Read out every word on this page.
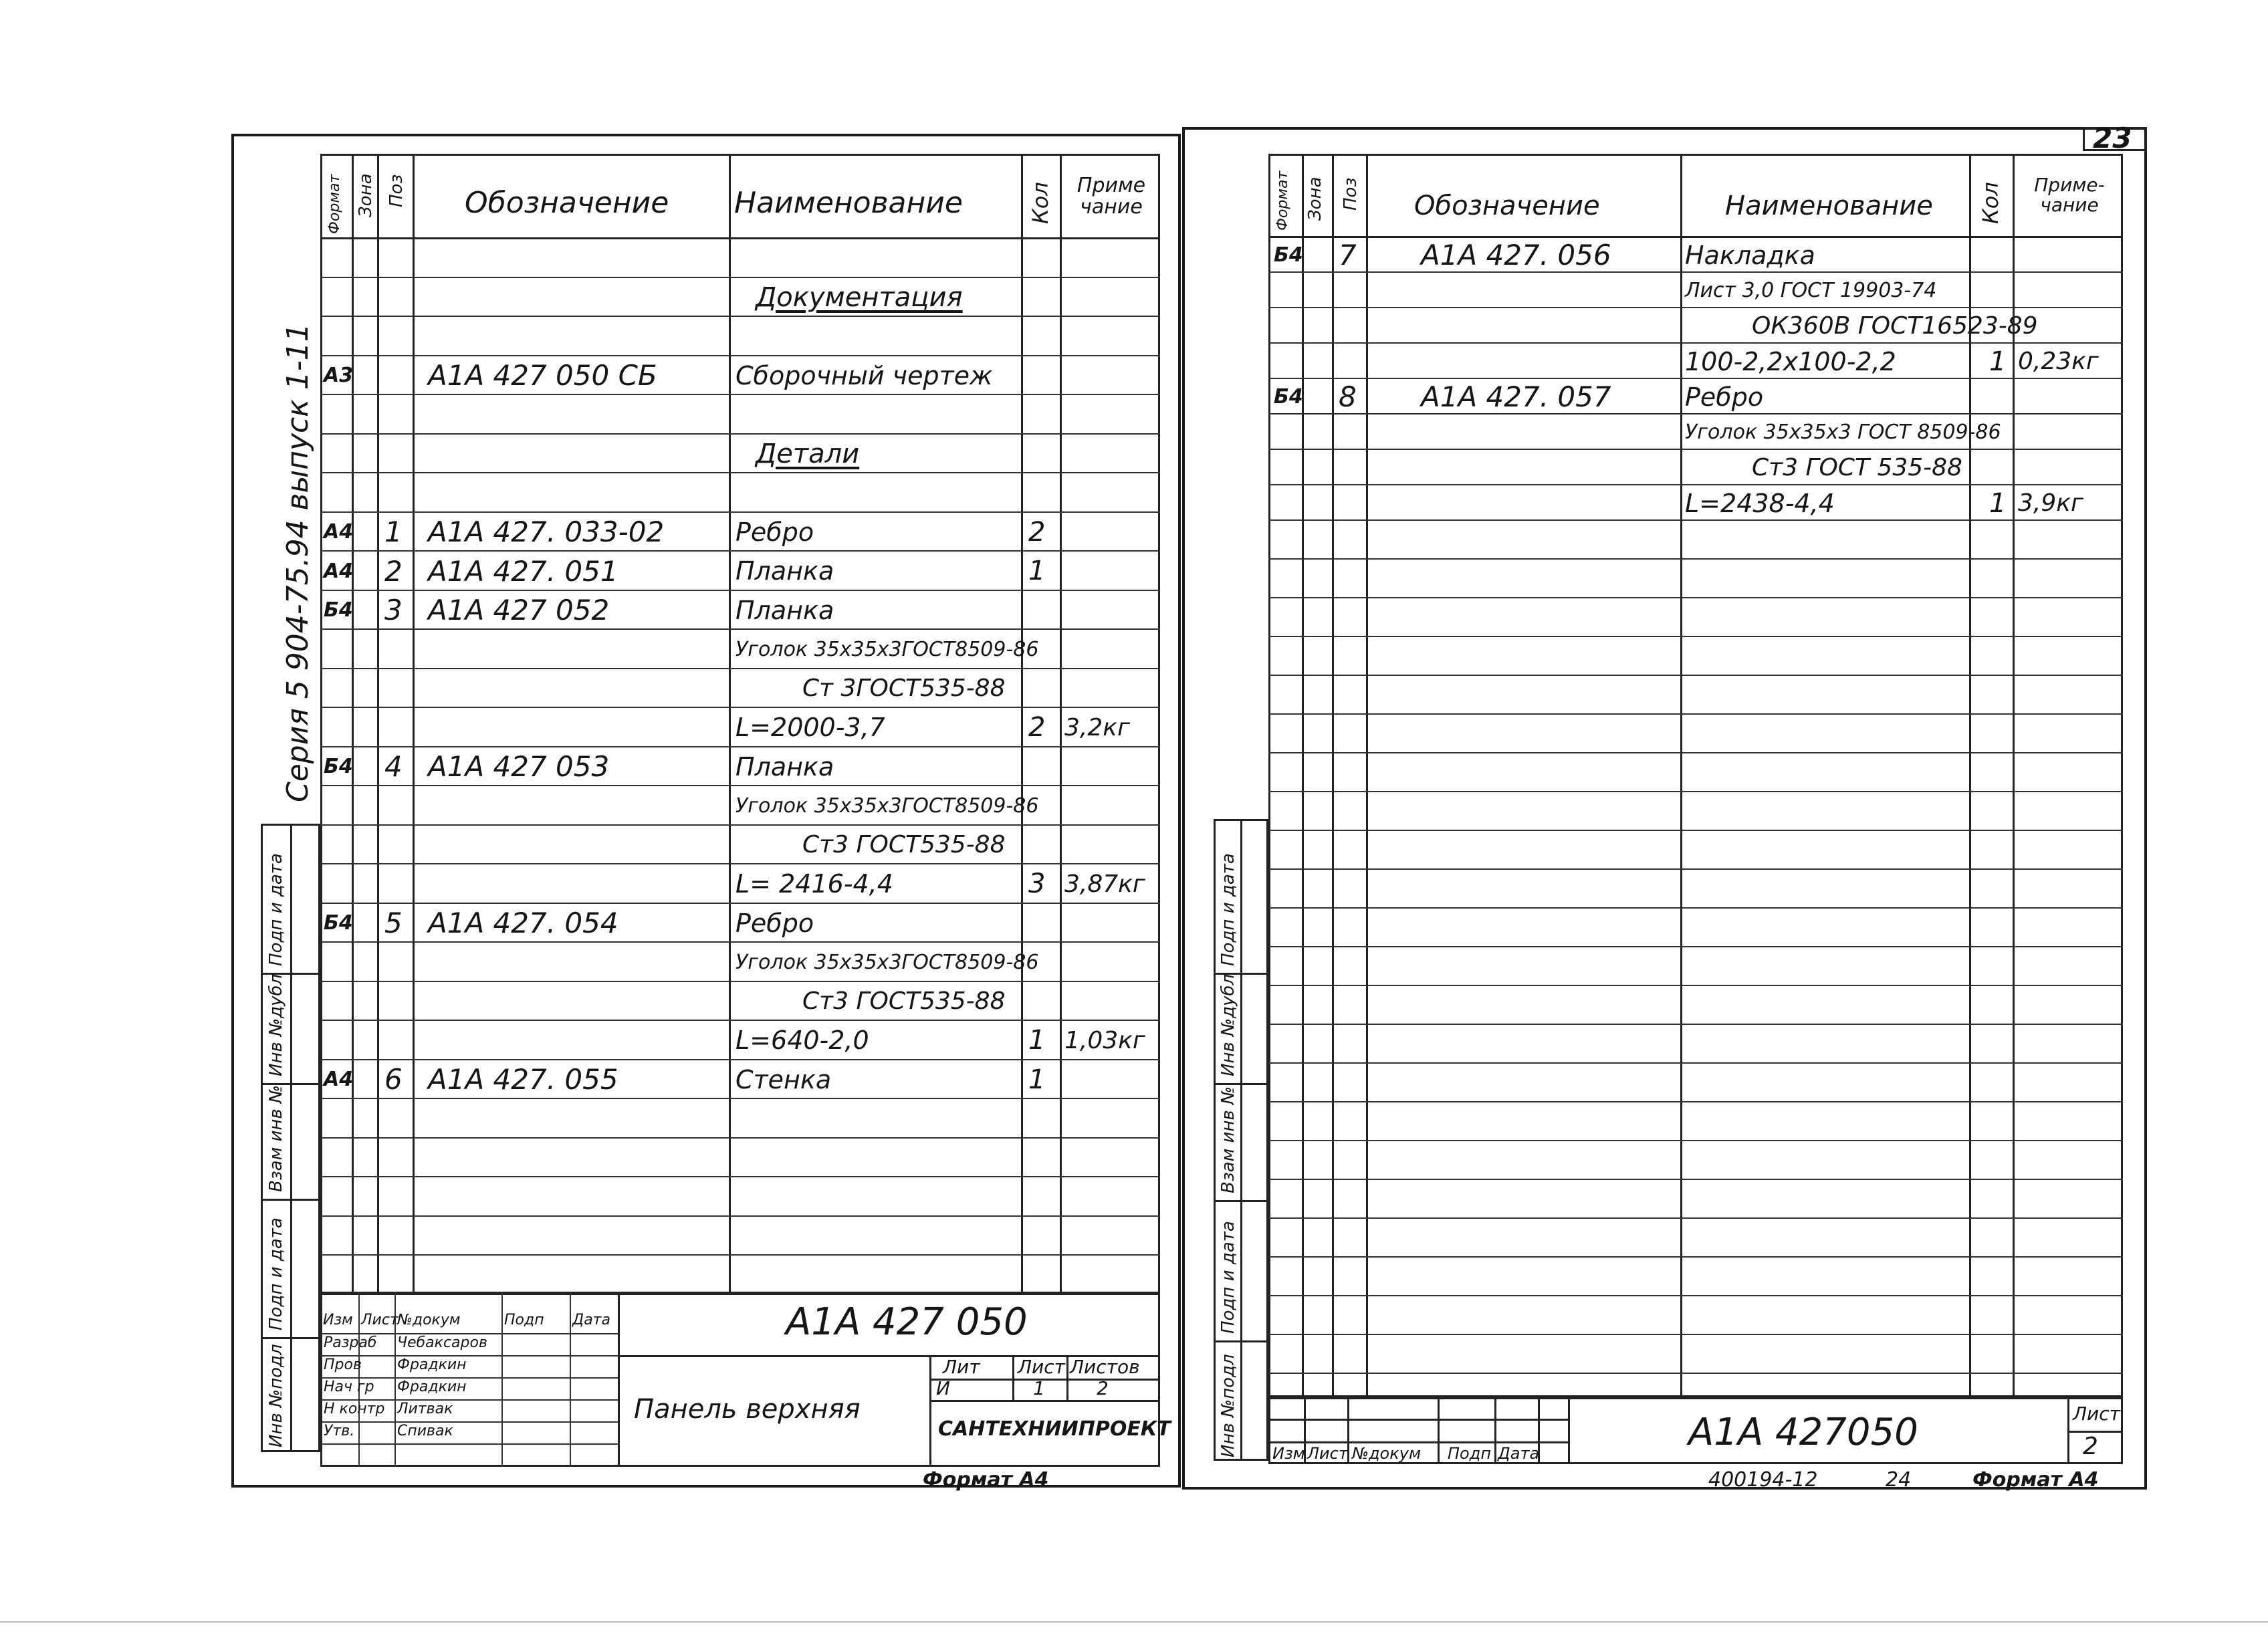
Серия 5 904-75.94 выпуск 1-11
Формат Зона Поз Обозначение Наименование	Кол	Приме чание
Документация
А3	А1А 427 050 СБ	Сборочный чертеж
Детали
А4 1 А1А 427. 033-02	Ребро	2
А4 2 А1А 427. 051	Планка	1
Б4 3 А1А 427 052	Планка
Уголок 35х35х3ГОСТ8509-86
Ст 3ГОСТ535-88
L=2000-3,7	2 3,2кг
Б4 4 А1А 427 053	Планка
Уголок 35х35х3ГОСТ8509-86
Ст3 ГОСТ535-88
L= 2416-4,4	3 3,87кг
Б4 5 А1А 427. 054	Ребро
Уголок 35х35х3ГОСТ8509-86
Ст3 ГОСТ535-88
L=640-2,0	1 1,03кг
А4 6 А1А 427. 055	Стенка	1
Подп и дата
Инв №дубл
Взам инв №
Подп и дата
Инв №подл
А1А 427 050
Панель верхняя
САНТЕХНИИПРОЕКТ
Лит Лист Листов
И	1	2
Формат А4
Изм Лист
№докум	Подп Дата
Разраб Чебаксаров
Пров Фрадкин
Нач гр Фрадкин
Н контр Литвак
Утв.	Спивак
23
Формат Зона Поз Обозначение	Наименование Кол	Приме- чание
Б4 7 А1А 427. 056	Накладка
Лист 3,0 ГОСТ 19903-74
ОК360В ГОСТ16523-89
100-2,2х100-2,2	1 0,23кг
Б4 8 А1А 427. 057	Ребро
Уголок 35х35х3 ГОСТ 8509-86
Ст3 ГОСТ 535-88
L=2438-4,4	1 3,9кг
Подп и дата
Инв №дубл
Взам инв №
Подп и дата
Инв №подл Изм Лист №докум Подп Дата	А1А 427050	Лист
2
400194-12	24	Формат А4
